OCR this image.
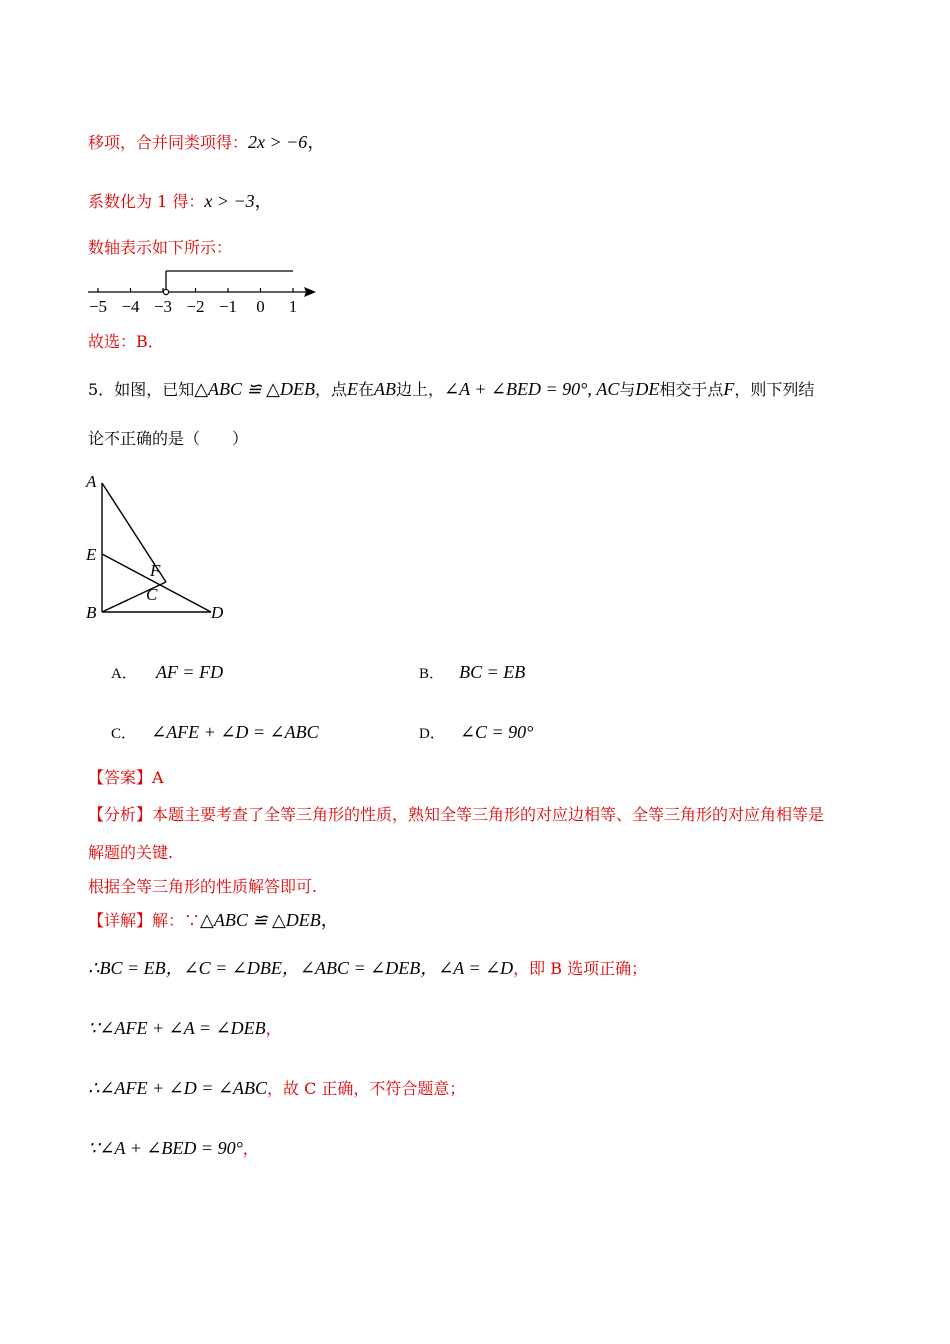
移项，合并同类项得：2x > −6，
系数化为 1 得：x > −3，
数轴表示如下所示：
−5 −4 −3 −2 −1 0 1
故选：B．
5．如图，已知△ABC ≌ △DEB，点E在AB边上，∠A + ∠BED = 90°, AC与DE相交于点F，则下列结
论不正确的是（　　）
A
E
B
F
C
D
A． AF = FD	B． BC = EB
C． ∠AFE + ∠D = ∠ABC	D． ∠C = 90°
【答案】A
【分析】本题主要考查了全等三角形的性质，熟知全等三角形的对应边相等、全等三角形的对应角相等是
解题的关键.
根据全等三角形的性质解答即可.
【详解】解：∵△ABC ≌ △DEB，
∴BC = EB，∠C = ∠DBE，∠ABC = ∠DEB，∠A = ∠D，即 B 选项正确；
∵∠AFE + ∠A = ∠DEB，
∴∠AFE + ∠D = ∠ABC，故 C 正确，不符合题意；
∵∠A + ∠BED = 90°，
